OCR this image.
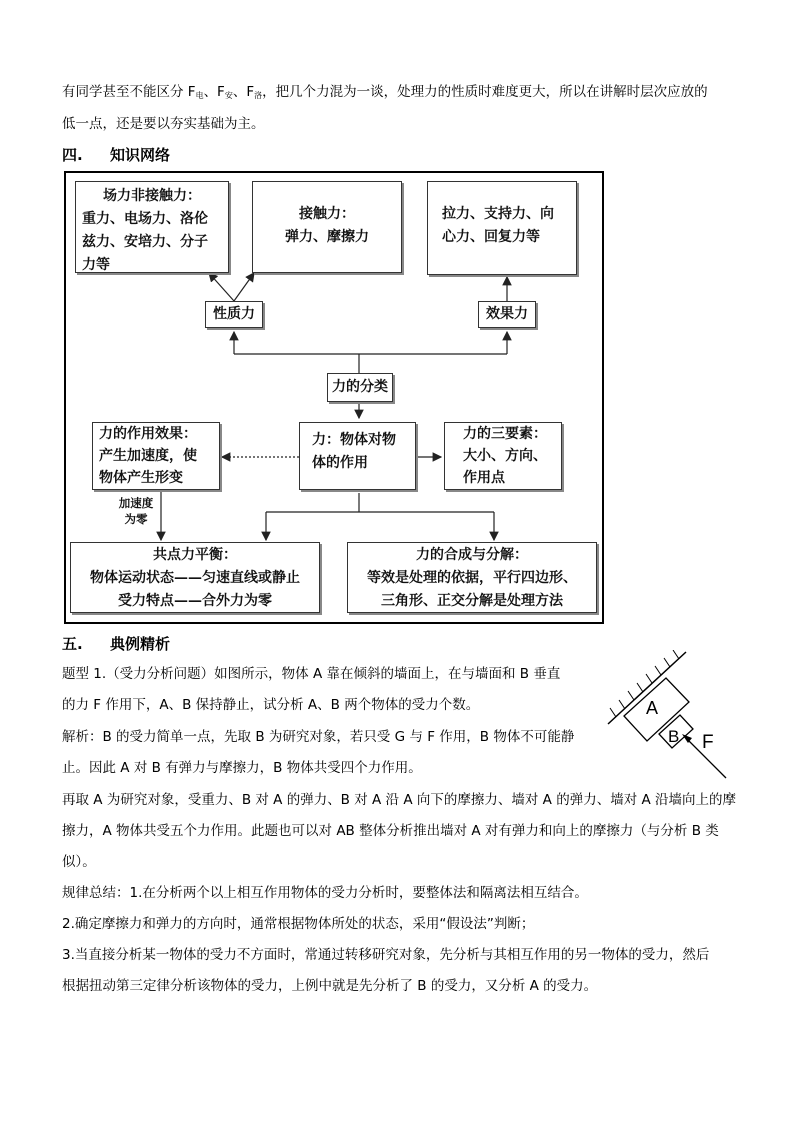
有同学甚至不能区分 $F_电$、$F_安$、$F_洛$，把几个力混为一谈，处理力的性质时难度更大，所以在讲解时层次应放的
低一点，还是要以夯实基础为主。
四. 知识网络
场力非接触力：
重力、电场力、洛伦
兹力、安培力、分子
力等
接触力：
弹力、摩擦力
拉力、支持力、向
心力、回复力等
性质力	效果力
力的分类
力：物体对物
体的作用
力的作用效果：
产生加速度，使
物体产生形变
力的三要素：
大小、方向、
作用点
加速度
为零
共点力平衡：
物体运动状态——匀速直线或静止
受力特点——合外力为零
力的合成与分解：
等效是处理的依据，平行四边形、
三角形、正交分解是处理方法
五. 典例精析
题型 1.（受力分析问题）如图所示，物体 A 靠在倾斜的墙面上，在与墙面和 B 垂直
的力 F 作用下，A、B 保持静止，试分析 A、B 两个物体的受力个数。
解析：B 的受力简单一点，先取 B 为研究对象，若只受 G 与 F 作用，B 物体不可能静
止。因此 A 对 B 有弹力与摩擦力，B 物体共受四个力作用。
再取 A 为研究对象，受重力、B 对 A 的弹力、B 对 A 沿 A 向下的摩擦力、墙对 A 的弹力、墙对 A 沿墙向上的摩
擦力，A 物体共受五个力作用。此题也可以对 AB 整体分析推出墙对 A 对有弹力和向上的摩擦力（与分析 B 类
似）。
A
B F
规律总结：1.在分析两个以上相互作用物体的受力分析时，要整体法和隔离法相互结合。
2.确定摩擦力和弹力的方向时，通常根据物体所处的状态，采用“假设法”判断；
3.当直接分析某一物体的受力不方面时，常通过转移研究对象，先分析与其相互作用的另一物体的受力，然后
根据扭动第三定律分析该物体的受力，上例中就是先分析了 B 的受力，又分析 A 的受力。
